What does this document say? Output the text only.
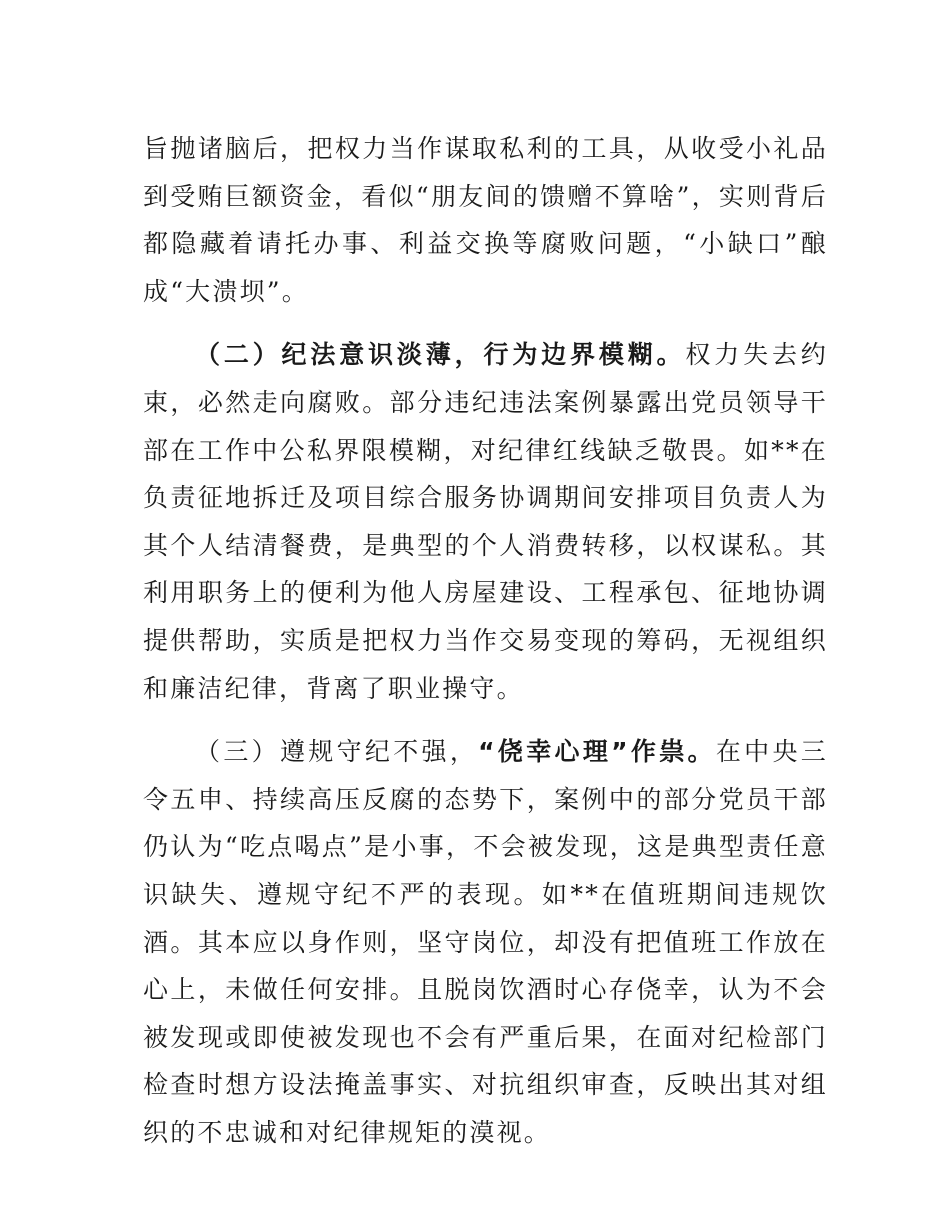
旨抛诸脑后，把权力当作谋取私利的工具，从收受小礼品到受贿巨额资金，看似“朋友间的馈赠不算啥”，实则背后都隐藏着请托办事、利益交换等腐败问题，“小缺口”酿成“大溃坝”。

（二）纪法意识淡薄，行为边界模糊。权力失去约束，必然走向腐败。部分违纪违法案例暴露出党员领导干部在工作中公私界限模糊，对纪律红线缺乏敬畏。如**在负责征地拆迁及项目综合服务协调期间安排项目负责人为其个人结清餐费，是典型的个人消费转移，以权谋私。其利用职务上的便利为他人房屋建设、工程承包、征地协调提供帮助，实质是把权力当作交易变现的筹码，无视组织和廉洁纪律，背离了职业操守。

（三）遵规守纪不强，“侥幸心理”作祟。在中央三令五申、持续高压反腐的态势下，案例中的部分党员干部仍认为“吃点喝点”是小事，不会被发现，这是典型责任意识缺失、遵规守纪不严的表现。如**在值班期间违规饮酒。其本应以身作则，坚守岗位，却没有把值班工作放在心上，未做任何安排。且脱岗饮酒时心存侥幸，认为不会被发现或即使被发现也不会有严重后果，在面对纪检部门检查时想方设法掩盖事实、对抗组织审查，反映出其对组织的不忠诚和对纪律规矩的漠视。
